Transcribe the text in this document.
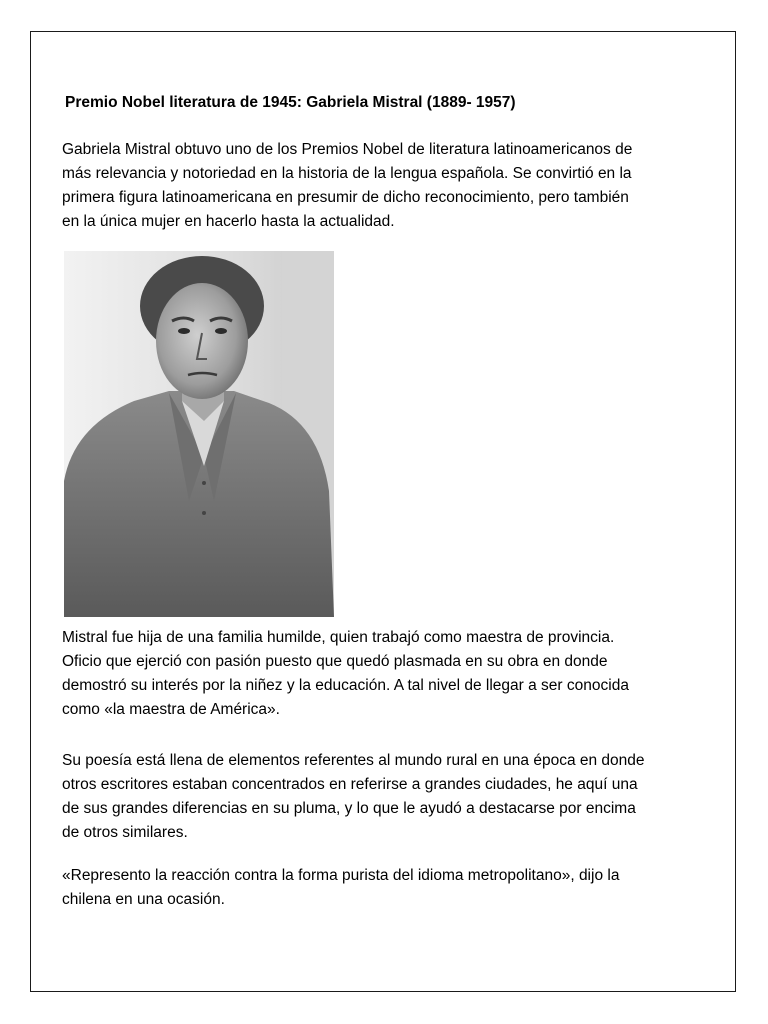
Premio Nobel literatura de 1945: Gabriela Mistral (1889- 1957)

Gabriela Mistral obtuvo uno de los Premios Nobel de literatura latinoamericanos de
más relevancia y notoriedad en la historia de la lengua española. Se convirtió en la
primera figura latinoamericana en presumir de dicho reconocimiento, pero también
en la única mujer en hacerlo hasta la actualidad.

Mistral fue hija de una familia humilde, quien trabajó como maestra de provincia.
Oficio que ejerció con pasión puesto que quedó plasmada en su obra en donde
demostró su interés por la niñez y la educación. A tal nivel de llegar a ser conocida
como «la maestra de América».

Su poesía está llena de elementos referentes al mundo rural en una época en donde
otros escritores estaban concentrados en referirse a grandes ciudades, he aquí una
de sus grandes diferencias en su pluma, y lo que le ayudó a destacarse por encima
de otros similares.

«Represento la reacción contra la forma purista del idioma metropolitano», dijo la
chilena en una ocasión.
